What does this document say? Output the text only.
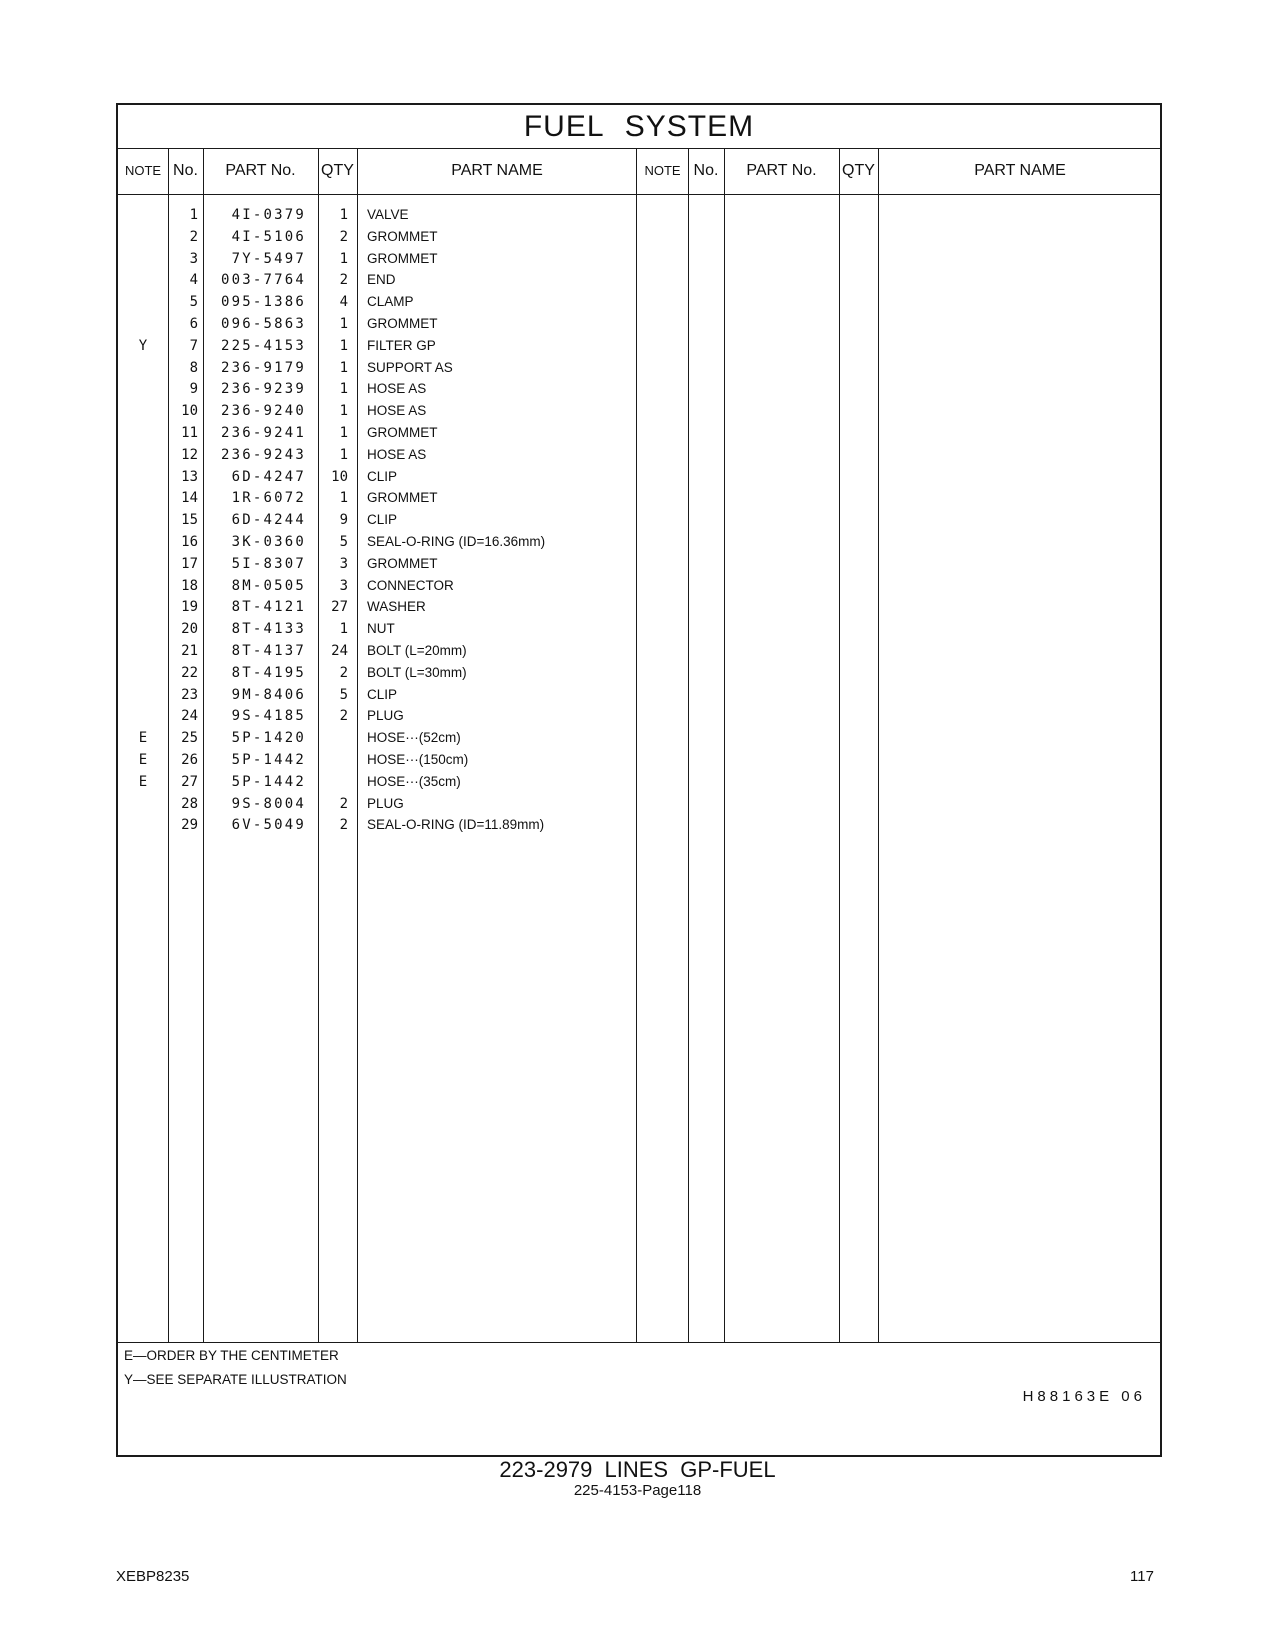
FUEL SYSTEM
NOTE No.	PART No.	QTY	PART NAME	NOTE No.	PART No.	QTY	PART NAME
1	4I-0379	1 VALVE
2	4I-5106	2 GROMMET
3	7Y-5497	1 GROMMET
4	003-7764	2 END
5	095-1386	4 CLAMP
6	096-5863	1 GROMMET
Y	7	225-4153	1 FILTER GP
8	236-9179	1 SUPPORT AS
9	236-9239	1 HOSE AS
10	236-9240	1 HOSE AS
11	236-9241	1 GROMMET
12	236-9243	1 HOSE AS
13	6D-4247	10 CLIP
14	1R-6072	1 GROMMET
15	6D-4244	9 CLIP
16	3K-0360	5 SEAL-O-RING (ID=16.36mm)
17	5I-8307	3 GROMMET
18	8M-0505	3 CONNECTOR
19	8T-4121	27 WASHER
20	8T-4133	1 NUT
21	8T-4137	24 BOLT (L=20mm)
22	8T-4195	2 BOLT (L=30mm)
23	9M-8406	5 CLIP
24	9S-4185	2 PLUG
E	25	5P-1420	HOSE···(52cm)
E	26	5P-1442	HOSE···(150cm)
E	27	5P-1442	HOSE···(35cm)
28	9S-8004	2 PLUG
29	6V-5049	2 SEAL-O-RING (ID=11.89mm)
E—ORDER BY THE CENTIMETER
Y—SEE SEPARATE ILLUSTRATION
H88163E 06
223-2979 LINES GP-FUEL
225-4153-Page118
XEBP8235	117
